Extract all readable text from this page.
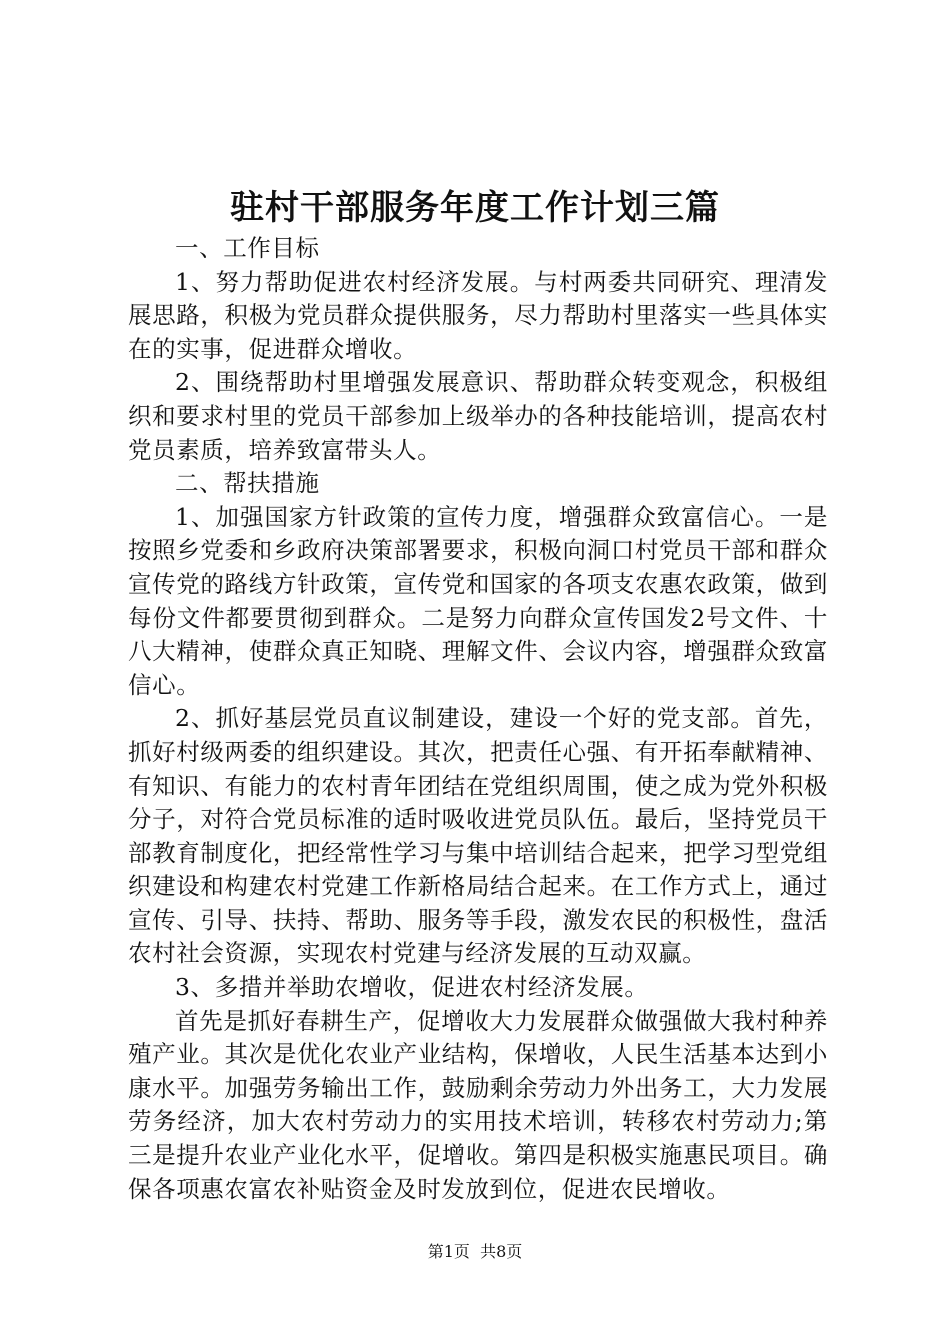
驻村干部服务年度工作计划三篇

一、工作目标

1、努力帮助促进农村经济发展。与村两委共同研究、理清发展思路，积极为党员群众提供服务，尽力帮助村里落实一些具体实在的实事，促进群众增收。

2、围绕帮助村里增强发展意识、帮助群众转变观念，积极组织和要求村里的党员干部参加上级举办的各种技能培训，提高农村党员素质，培养致富带头人。

二、帮扶措施

1、加强国家方针政策的宣传力度，增强群众致富信心。一是按照乡党委和乡政府决策部署要求，积极向洞口村党员干部和群众宣传党的路线方针政策，宣传党和国家的各项支农惠农政策，做到每份文件都要贯彻到群众。二是努力向群众宣传国发2号文件、十八大精神，使群众真正知晓、理解文件、会议内容，增强群众致富信心。

2、抓好基层党员直议制建设，建设一个好的党支部。首先，抓好村级两委的组织建设。其次，把责任心强、有开拓奉献精神、有知识、有能力的农村青年团结在党组织周围，使之成为党外积极分子，对符合党员标准的适时吸收进党员队伍。最后，坚持党员干部教育制度化，把经常性学习与集中培训结合起来，把学习型党组织建设和构建农村党建工作新格局结合起来。在工作方式上，通过宣传、引导、扶持、帮助、服务等手段，激发农民的积极性，盘活农村社会资源，实现农村党建与经济发展的互动双赢。

3、多措并举助农增收，促进农村经济发展。

首先是抓好春耕生产，促增收大力发展群众做强做大我村种养殖产业。其次是优化农业产业结构，保增收，人民生活基本达到小康水平。加强劳务输出工作，鼓励剩余劳动力外出务工，大力发展劳务经济，加大农村劳动力的实用技术培训，转移农村劳动力;第三是提升农业产业化水平，促增收。第四是积极实施惠民项目。确保各项惠农富农补贴资金及时发放到位，促进农民增收。

第1页 共8页
